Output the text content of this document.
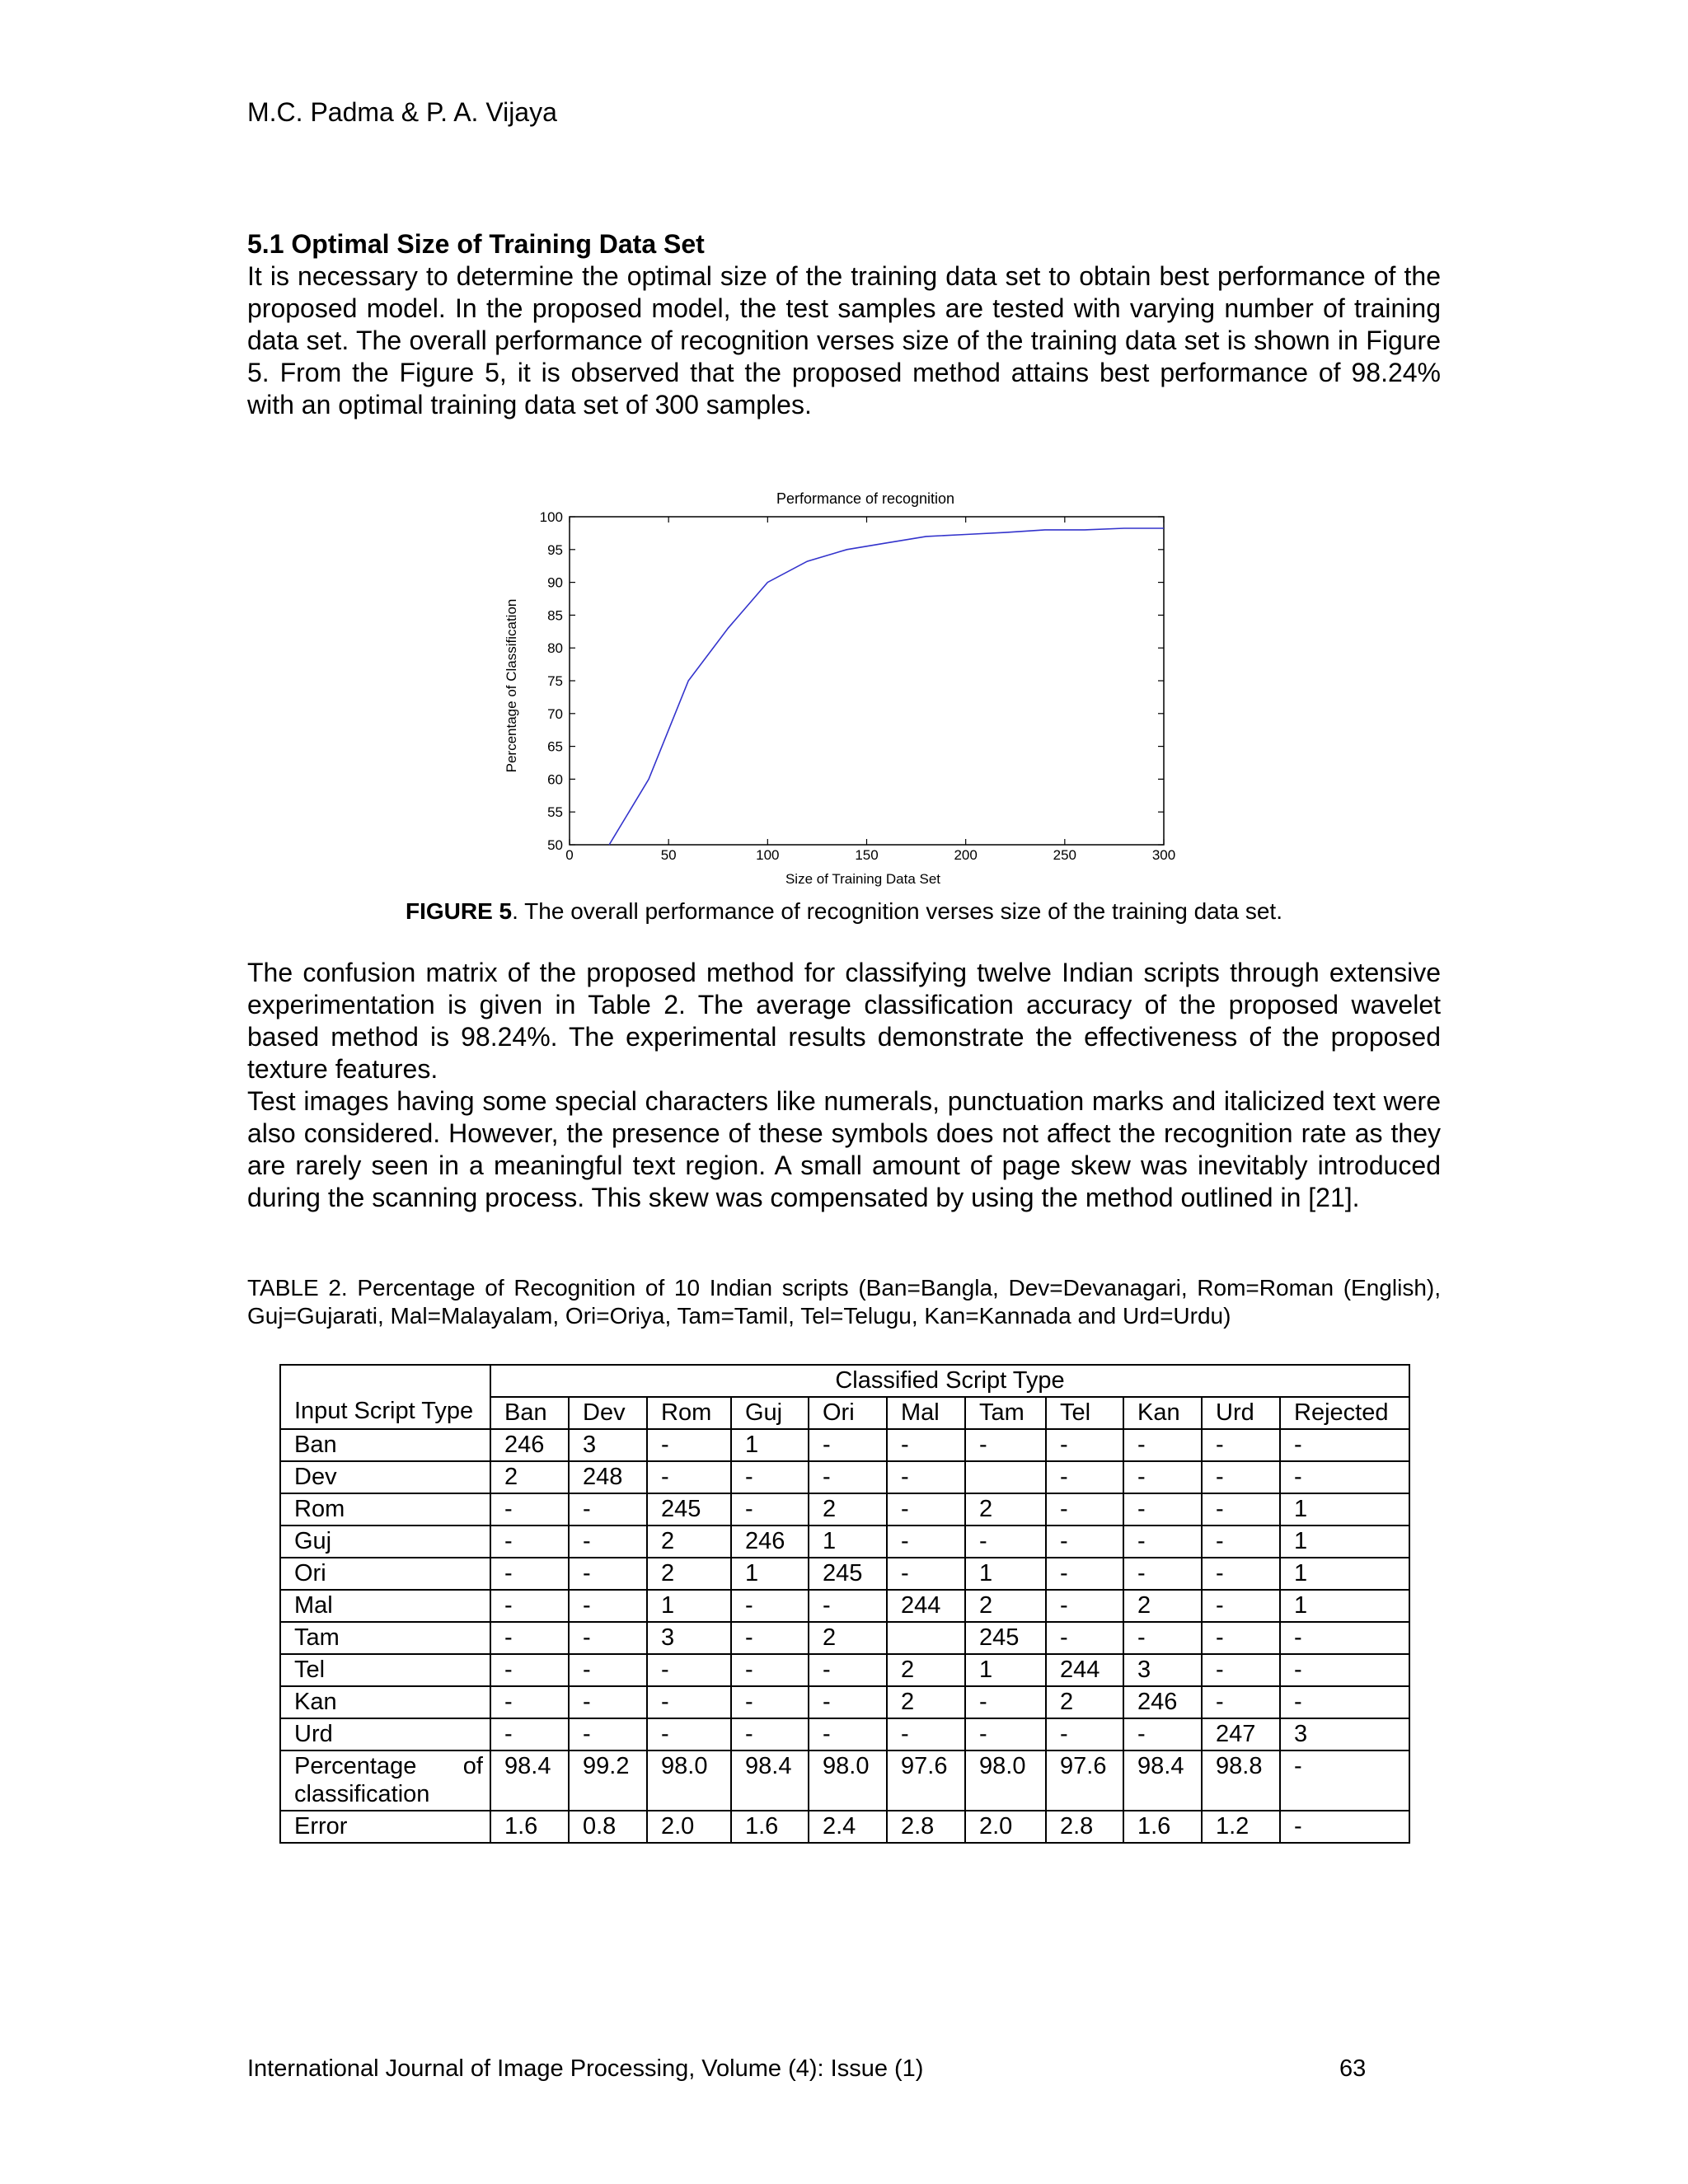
M.C. Padma & P. A. Vijaya
5.1 Optimal Size of Training Data Set

It is necessary to determine the optimal size of the training data set to obtain best performance of the proposed model. In the proposed model, the test samples are tested with varying number of training data set. The overall performance of recognition verses size of the training data set is shown in Figure 5. From the Figure 5, it is observed that the proposed method attains best performance of 98.24% with an optimal training data set of 300 samples.

Performance of recognition
Percentage of Classification
Size of Training Data Set
50
55
60
65
70
75
80
85
90
95
100
0	50	100	150	200	250	300
FIGURE 5. The overall performance of recognition verses size of the training data set.

The confusion matrix of the proposed method for classifying twelve Indian scripts through extensive experimentation is given in Table 2. The average classification accuracy of the proposed wavelet based method is 98.24%. The experimental results demonstrate the effectiveness of the proposed texture features.

Test images having some special characters like numerals, punctuation marks and italicized text were also considered. However, the presence of these symbols does not affect the recognition rate as they are rarely seen in a meaningful text region. A small amount of page skew was inevitably introduced during the scanning process. This skew was compensated by using the method outlined in [21].

TABLE 2. Percentage of Recognition of 10 Indian scripts (Ban=Bangla, Dev=Devanagari, Rom=Roman (English), Guj=Gujarati, Mal=Malayalam, Ori=Oriya, Tam=Tamil, Tel=Telugu, Kan=Kannada and Urd=Urdu)

Input Script Type	Classified Script Type										
	Ban	Dev	Rom	Guj	Ori	Mal	Tam	Tel	Kan	Urd	Rejected
Ban	246	3	-	1	-	-	-	-	-	-	-
Dev	2	248	-	-	-	-		-	-	-	-
Rom	-	-	245	-	2	-	2	-	-	-	1
Guj	-	-	2	246	1	-	-	-	-	-	1
Ori	-	-	2	1	245	-	1	-	-	-	1
Mal	-	-	1	-	-	244	2	-	2	-	1
Tam	-	-	3	-	2		245	-	-	-	-
Tel	-	-	-	-	-	2	1	244	3	-	-
Kan	-	-	-	-	-	2	-	2	246	-	-
Urd	-	-	-	-	-	-	-	-	-	247	3
Percentage of classification	98.4	99.2	98.0	98.4	98.0	97.6	98.0	97.6	98.4	98.8	-
Error	1.6	0.8	2.0	1.6	2.4	2.8	2.0	2.8	1.6	1.2	-
International Journal of Image Processing, Volume (4): Issue (1)	63
